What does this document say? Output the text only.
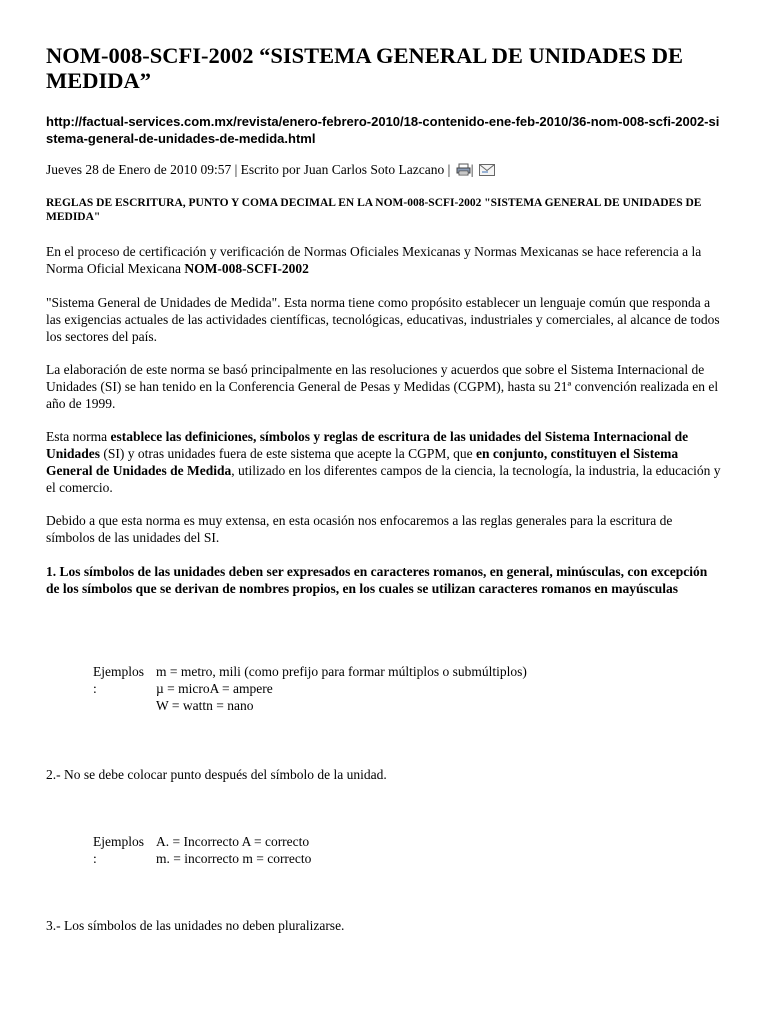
NOM-008-SCFI-2002 “SISTEMA GENERAL DE UNIDADES DE MEDIDA”
http://factual-services.com.mx/revista/enero-febrero-2010/18-contenido-ene-feb-2010/36-nom-008-scfi-2002-sistema-general-de-unidades-de-medida.html
Jueves 28 de Enero de 2010 09:57 | Escrito por Juan Carlos Soto Lazcano | |
REGLAS DE ESCRITURA, PUNTO Y COMA DECIMAL EN LA NOM-008-SCFI-2002 "SISTEMA GENERAL DE UNIDADES DE MEDIDA"
En el proceso de certificación y verificación de Normas Oficiales Mexicanas y Normas Mexicanas se hace referencia a la Norma Oficial Mexicana NOM-008-SCFI-2002
"Sistema General de Unidades de Medida". Esta norma tiene como propósito establecer un lenguaje común que responda a las exigencias actuales de las actividades científicas, tecnológicas, educativas, industriales y comerciales, al alcance de todos los sectores del país.
La elaboración de este norma se basó principalmente en las resoluciones y acuerdos que sobre el Sistema Internacional de Unidades (SI) se han tenido en la Conferencia General de Pesas y Medidas (CGPM), hasta su 21ª convención realizada en el año de 1999.
Esta norma establece las definiciones, símbolos y reglas de escritura de las unidades del Sistema Internacional de Unidades (SI) y otras unidades fuera de este sistema que acepte la CGPM, que en conjunto, constituyen el Sistema General de Unidades de Medida, utilizado en los diferentes campos de la ciencia, la tecnología, la industria, la educación y el comercio.
Debido a que esta norma es muy extensa, en esta ocasión nos enfocaremos a las reglas generales para la escritura de símbolos de las unidades del SI.
1. Los símbolos de las unidades deben ser expresados en caracteres romanos, en general, minúsculas, con excepción de los símbolos que se derivan de nombres propios, en los cuales se utilizan caracteres romanos en mayúsculas
Ejemplos m = metro, mili (como prefijo para formar múltiplos o submúltiplos)
:	µ = microA = ampere
W = wattn = nano
2.- No se debe colocar punto después del símbolo de la unidad.
Ejemplos A. = Incorrecto A = correcto
:	m. = incorrecto m = correcto
3.- Los símbolos de las unidades no deben pluralizarse.
